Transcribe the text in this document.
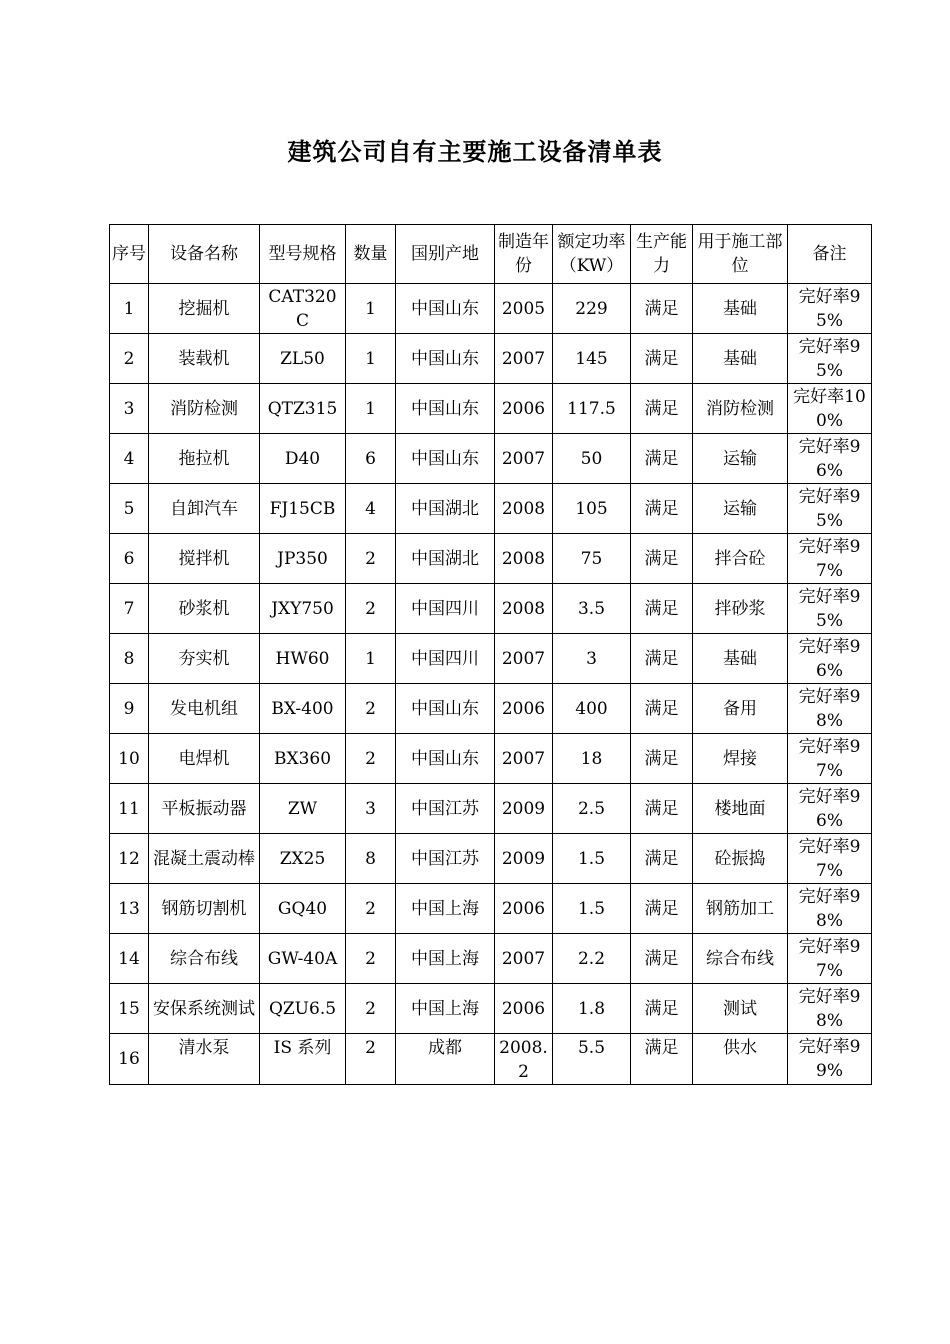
建筑公司自有主要施工设备清单表
序号	设备名称	型号规格	数量	国别产地	制造年份	额定功率（KW）	生产能力	用于施工部位	备注
1	挖掘机	CAT320C	1	中国山东	2005	229	满足	基础	完好率95%
2	装载机	ZL50	1	中国山东	2007	145	满足	基础	完好率95%
3	消防检测	QTZ315	1	中国山东	2006	117.5	满足	消防检测	完好率100%
4	拖拉机	D40	6	中国山东	2007	50	满足	运输	完好率96%
5	自卸汽车	FJ15CB	4	中国湖北	2008	105	满足	运输	完好率95%
6	搅拌机	JP350	2	中国湖北	2008	75	满足	拌合砼	完好率97%
7	砂浆机	JXY750	2	中国四川	2008	3.5	满足	拌砂浆	完好率95%
8	夯实机	HW60	1	中国四川	2007	3	满足	基础	完好率96%
9	发电机组	BX-400	2	中国山东	2006	400	满足	备用	完好率98%
10	电焊机	BX360	2	中国山东	2007	18	满足	焊接	完好率97%
11	平板振动器	ZW	3	中国江苏	2009	2.5	满足	楼地面	完好率96%
12	混凝土震动棒	ZX25	8	中国江苏	2009	1.5	满足	砼振捣	完好率97%
13	钢筋切割机	GQ40	2	中国上海	2006	1.5	满足	钢筋加工	完好率98%
14	综合布线	GW-40A	2	中国上海	2007	2.2	满足	综合布线	完好率97%
15	安保系统测试	QZU6.5	2	中国上海	2006	1.8	满足	测试	完好率98%
16	清水泵	IS 系列	2	成都	2008.2	5.5	满足	供水	完好率99%
